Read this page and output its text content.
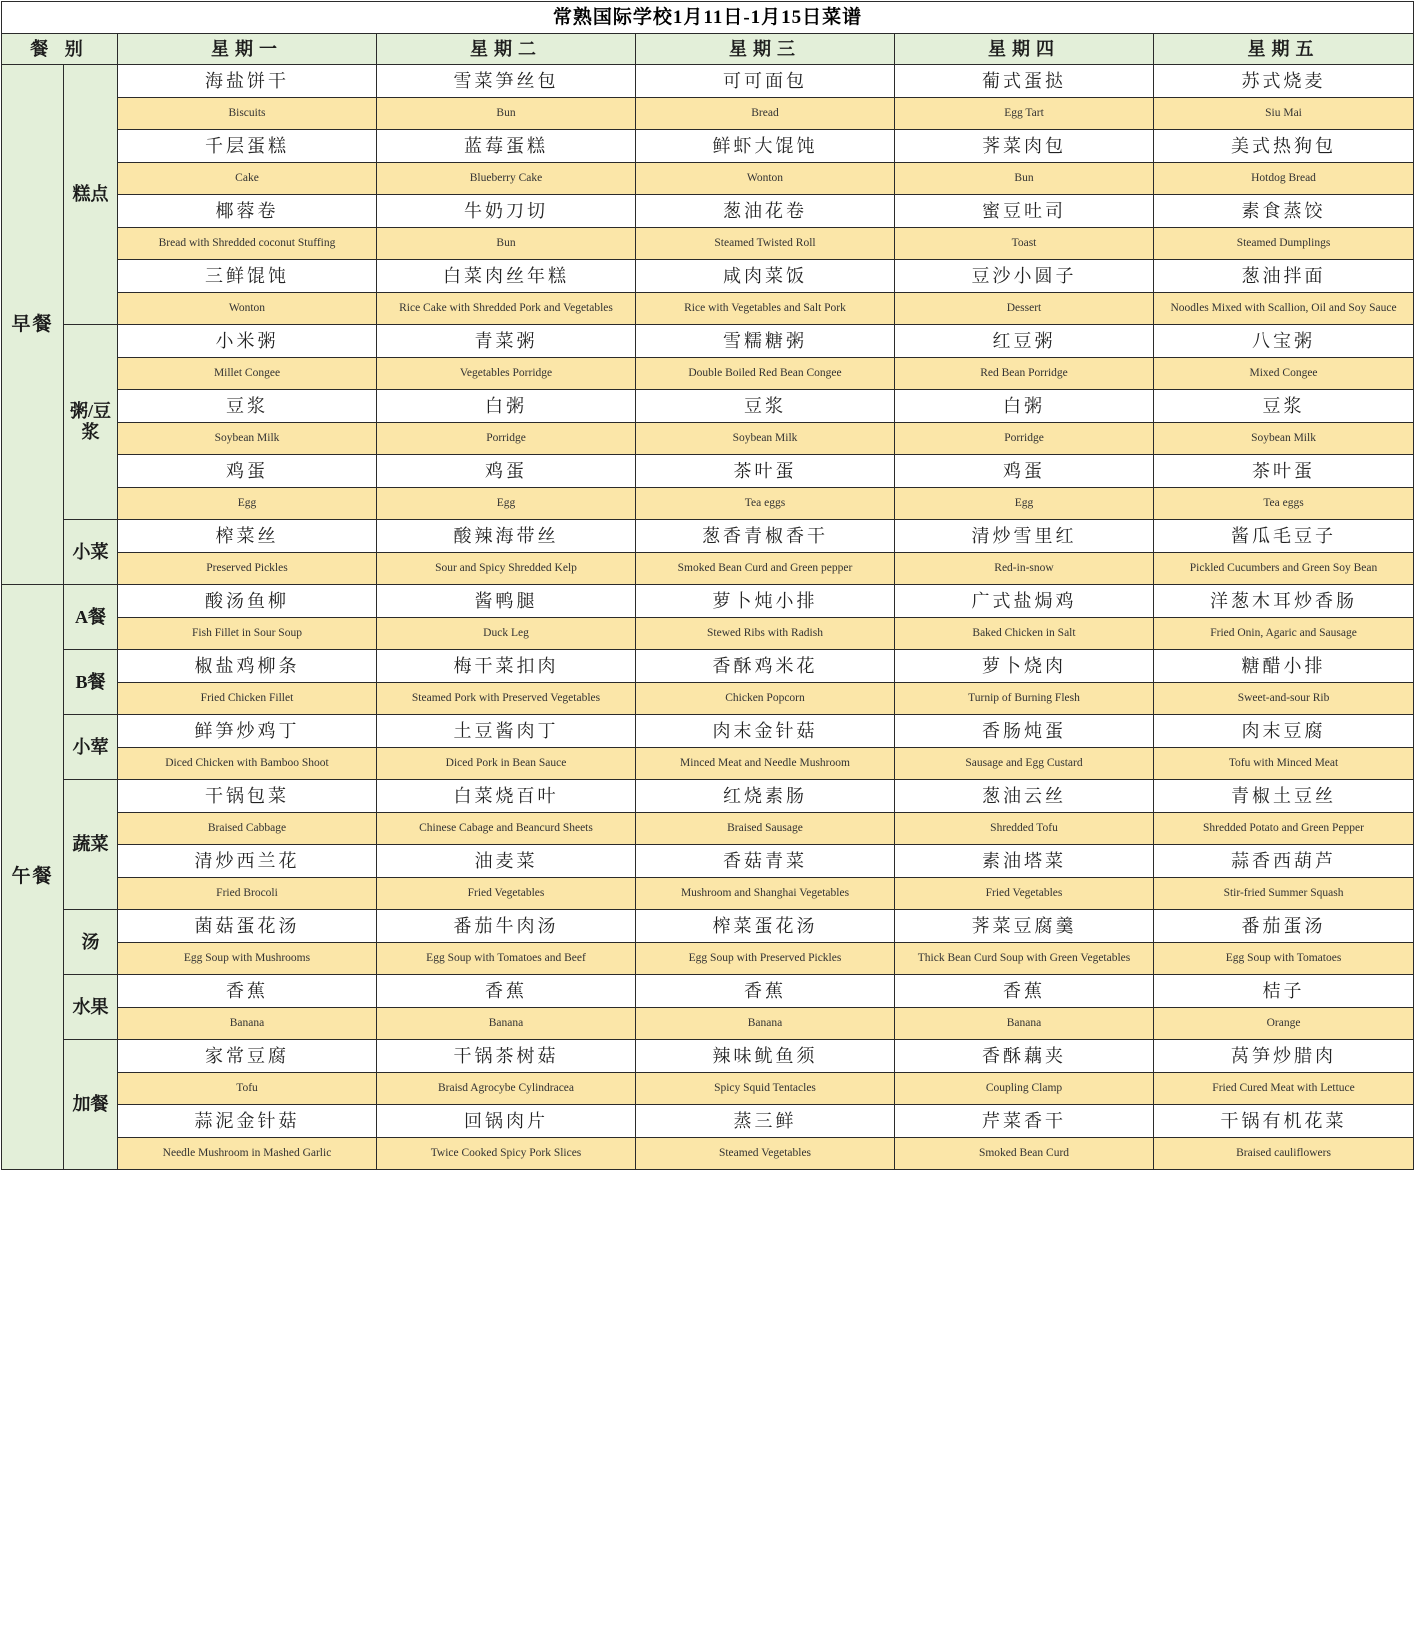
常熟国际学校1月11日-1月15日菜谱						
餐 别		星期一	星期二	星期三	星期四	星期五
早餐	糕点	海盐饼干	雪菜笋丝包	可可面包	葡式蛋挞	苏式烧麦
		Biscuits	Bun	Bread	Egg Tart	Siu Mai
		千层蛋糕	蓝莓蛋糕	鲜虾大馄饨	荠菜肉包	美式热狗包
		Cake	Blueberry Cake	Wonton	Bun	Hotdog Bread
		椰蓉卷	牛奶刀切	葱油花卷	蜜豆吐司	素食蒸饺
		Bread with Shredded coconut Stuffing	Bun	Steamed Twisted Roll	Toast	Steamed Dumplings
		三鲜馄饨	白菜肉丝年糕	咸肉菜饭	豆沙小圆子	葱油拌面
		Wonton	Rice Cake with Shredded Pork and Vegetables	Rice with Vegetables and Salt Pork	Dessert	Noodles Mixed with Scallion, Oil and Soy Sauce
	粥/豆浆	小米粥	青菜粥	雪糯糖粥	红豆粥	八宝粥
		Millet Congee	Vegetables Porridge	Double Boiled Red Bean Congee	Red Bean Porridge	Mixed Congee
		豆浆	白粥	豆浆	白粥	豆浆
		Soybean Milk	Porridge	Soybean Milk	Porridge	Soybean Milk
		鸡蛋	鸡蛋	茶叶蛋	鸡蛋	茶叶蛋
		Egg	Egg	Tea eggs	Egg	Tea eggs
	小菜	榨菜丝	酸辣海带丝	葱香青椒香干	清炒雪里红	酱瓜毛豆子
		Preserved Pickles	Sour and Spicy Shredded Kelp	Smoked Bean Curd and Green pepper	Red-in-snow	Pickled Cucumbers and Green Soy Bean
午餐	A餐	酸汤鱼柳	酱鸭腿	萝卜炖小排	广式盐焗鸡	洋葱木耳炒香肠
		Fish Fillet in Sour Soup	Duck Leg	Stewed Ribs with Radish	Baked Chicken in Salt	Fried Onin, Agaric and Sausage
	B餐	椒盐鸡柳条	梅干菜扣肉	香酥鸡米花	萝卜烧肉	糖醋小排
		Fried Chicken Fillet	Steamed Pork with Preserved Vegetables	Chicken Popcorn	Turnip of Burning Flesh	Sweet-and-sour Rib
	小荤	鲜笋炒鸡丁	土豆酱肉丁	肉末金针菇	香肠炖蛋	肉末豆腐
		Diced Chicken with Bamboo Shoot	Diced Pork in Bean Sauce	Minced Meat and Needle Mushroom	Sausage and Egg Custard	Tofu with Minced Meat
	蔬菜	干锅包菜	白菜烧百叶	红烧素肠	葱油云丝	青椒土豆丝
		Braised Cabbage	Chinese Cabage and Beancurd Sheets	Braised Sausage	Shredded Tofu	Shredded Potato and Green Pepper
		清炒西兰花	油麦菜	香菇青菜	素油塔菜	蒜香西葫芦
		Fried Brocoli	Fried Vegetables	Mushroom and Shanghai Vegetables	Fried Vegetables	Stir-fried Summer Squash
	汤	菌菇蛋花汤	番茄牛肉汤	榨菜蛋花汤	荠菜豆腐羹	番茄蛋汤
		Egg Soup with Mushrooms	Egg Soup with Tomatoes and Beef	Egg Soup with Preserved Pickles	Thick Bean Curd Soup with Green Vegetables	Egg Soup with Tomatoes
	水果	香蕉	香蕉	香蕉	香蕉	桔子
		Banana	Banana	Banana	Banana	Orange
	加餐	家常豆腐	干锅茶树菇	辣味鱿鱼须	香酥藕夹	莴笋炒腊肉
		Tofu	Braisd Agrocybe Cylindracea	Spicy Squid Tentacles	Coupling Clamp	Fried Cured Meat with Lettuce
		蒜泥金针菇	回锅肉片	蒸三鲜	芹菜香干	干锅有机花菜
		Needle Mushroom in Mashed Garlic	Twice Cooked Spicy Pork Slices	Steamed Vegetables	Smoked Bean Curd	Braised cauliflowers
